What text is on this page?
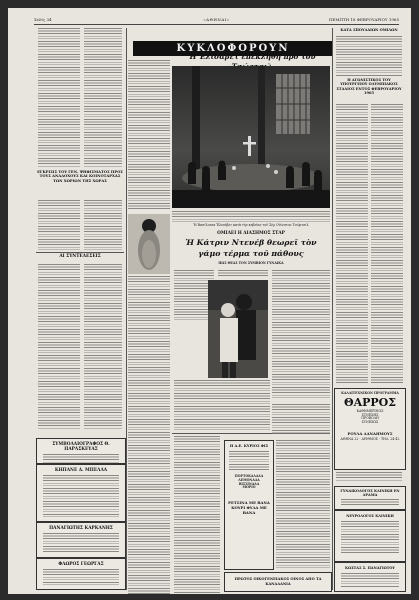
Σελίς 34	«ΑΘΗΝΑΙ»	ΠΕΜΠΤΗ 18 ΦΕΒΡΟΥΑΡΙΟΥ 1965
ΕΓΚΡΙΣΙΣ ΤΟΥ ΓΕΝ. ΨΗΦΙΣΜΑΤΟΣ ΠΡΟΣ ΤΟΥΣ ΑΝΑΔΟΧΟΥΣ ΚΑΙ ΚΟΙΝΟΤΑΡΧΑΣ ΤΩΝ ΧΩΡΙΩΝ ΤΗΣ ΧΩΡΑΣ
ΑΙ ΣΥΝΤΕΛΕΣΕΙΣ
ΣΥΜΒΟΛΑΙΟΓΡΑΦΟΣ Θ. ΠΑΡΑΣΚΕΥΑΣ
ΚΗΠΑΝΕ Δ. ΜΠΕΛΛΑ
ΠΑΝΑΓΙΩΤΗΣ ΚΑΡΚΑΝΗΣ
ΦΛΩΡΟΣ ΓΕΩΡΓΑΣ
ΚΥΚΛΟΦΟΡΟΥΝ
Ἡ Ἐλισάβετ ἐπεκλῆθη πρὸ τοῦ
Ἡ Βασίλισσα Ἐλισάβετ κατὰ τὴν κηδείαν τοῦ Σὲρ Οὐίνστον Τσώρτσιλ
ΟΜΙΛΕΙ Η ΔΙΑΣΗΜΟΣ ΣΤΑΡ
Ἡ Κάτριν Ντενέβ θεωρεῖ τὸν γάμο τέρμα τοῦ πάθους
ΠΩΣ ΘΕΑΣ ΤΟΝ ΣΥΜΒΙΟΝ ΓΥΝΑΙΚΑ
Η Α.Ε. ΚΥΡΙΟΣ ΦΙΣ
ΠΟΡΤΟΚΑΛΑΔΑ
ΛΕΜΟΝΑΔΑ
ΒΙΣΣΙΝΑΔΑ
ΜΟΡΙΟ
ΡΕΤΣΙΝΑ ΜΕ ΒΑΝΑ
ΚΟΥΡΙ ΦΥΛΑ ΜΕ ΒΑΝΑ
ΠΡΩΤΟΣ ΟΙΚΟΓΕΝΕΙΑΚΟΣ ΟΙΝΟΣ ΑΠΟ ΤΑ ΚΑΝΑΔΑΝΙΑ
ΚΑΤΑ ΣΠΟΥΔΑΙΩΝ ΟΜΙΛΩΝ
Η ΑΓΩΝΙΣΤΙΚΟΣ ΤΟΥ ΥΠΟΥΡΓΕΙΟΥ ΟΛΥΜΠΙΑΚΟΣ ΣΤΑΔΙΟΣ ΕΝΤΟΣ ΦΕΒΡΟΥΑΡΙΟΥ 1965
ΚΑΛΛΙΤΕΧΝΙΚΟΝ ΠΡΟΓΡΑΜΜΑ
ΘΑΡΡΟΣ
ΚΑΘΗΜΕΡΙΝΩΣ
ΣΥΝΕΧΗΣ
ΠΡΟΒΟΛΗ
ΣΥΝΕΧΩΣ
ΡΟΥΛΑ ΔΑΝΑΗΜΟΥΣ
ΑΘΗΝΑ 22 - ΑΡΙΘΜΟΣ - ΤΗΛ. 24-42
ΓΥΝΑΙΚΟΛΟΓΟΣ ΚΛΙΝΙΚΗ ΕΝ ΔΡΑΜΑ
ΝΕΥΡΟΛΟΓΟΣ ΚΛΙΝΙΚΗ
ΚΩΣΤΑΣ Σ. ΠΑΝΑΓΙΩΤΟΥ
